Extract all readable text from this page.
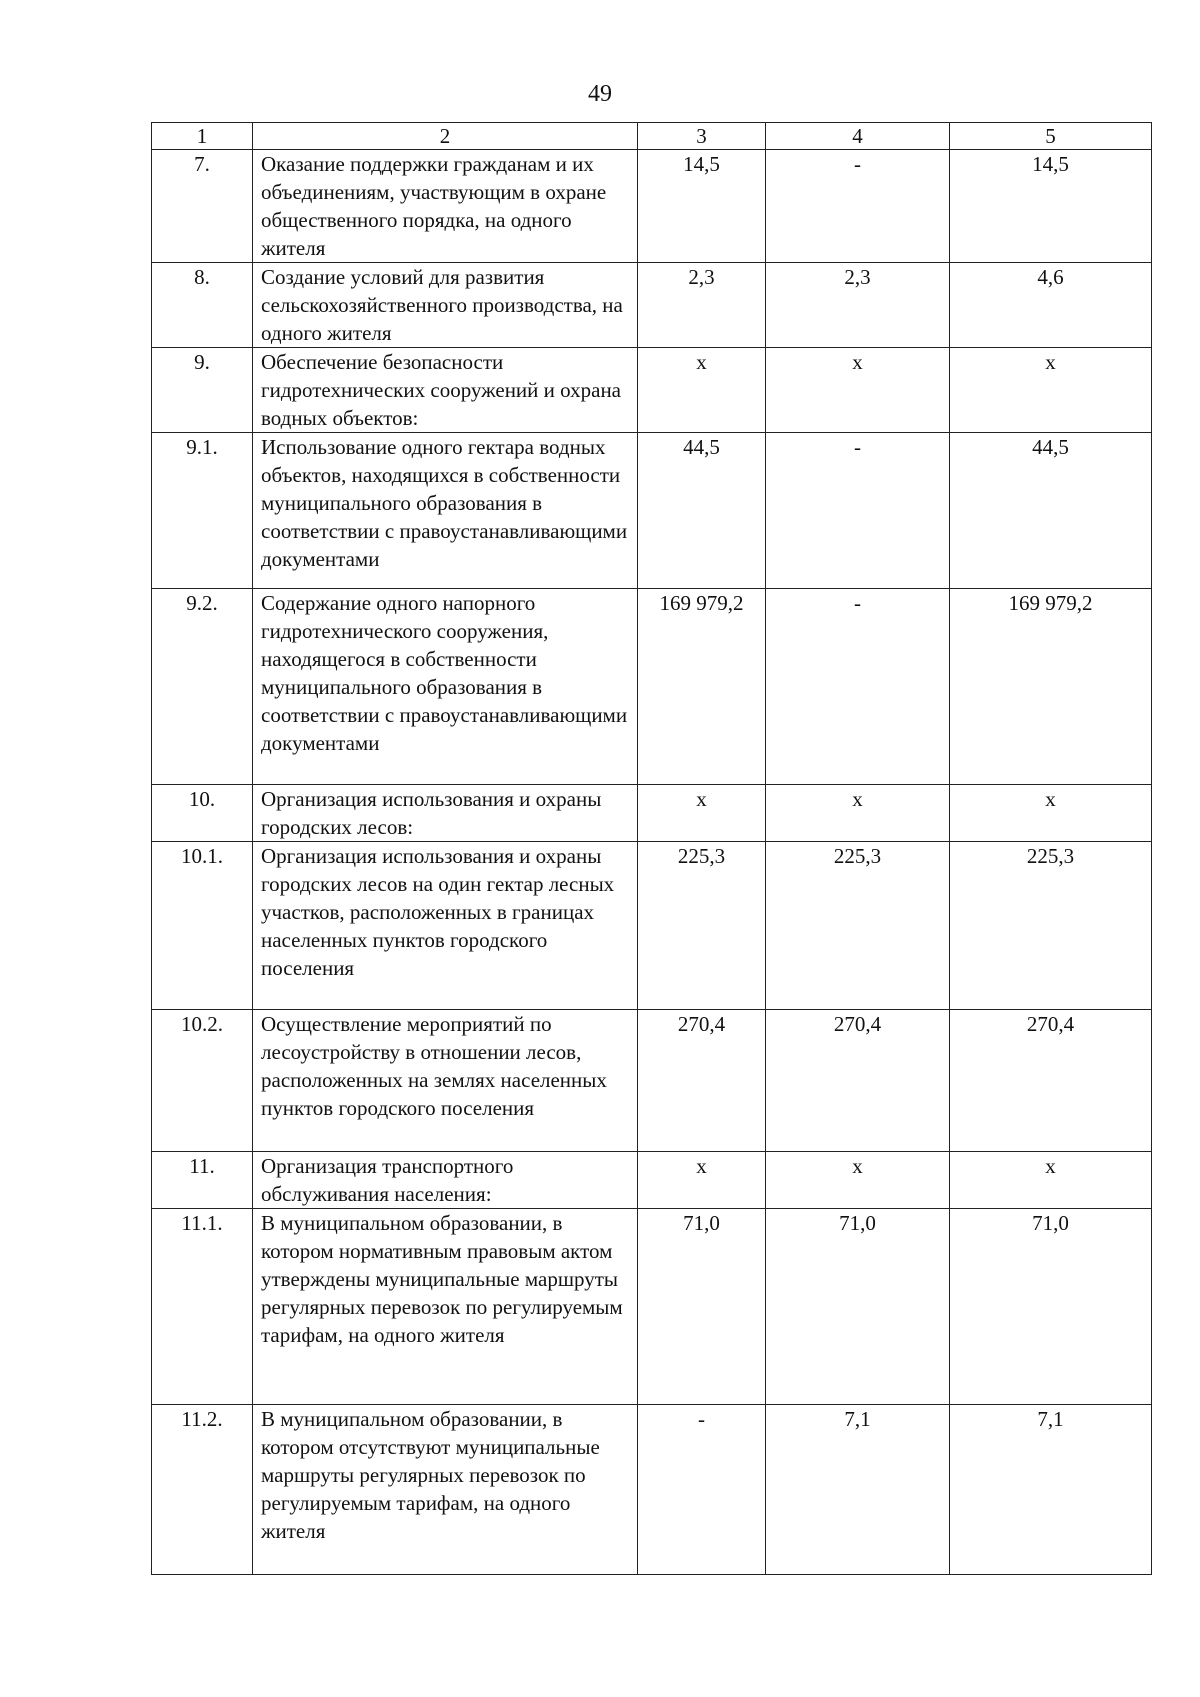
49
1	2	3	4	5
7.	Оказание поддержки гражданам и их объединениям, участвующим в охране общественного порядка, на одного жителя	14,5	-	14,5
8.	Создание условий для развития сельскохозяйственного производства, на одного жителя	2,3	2,3	4,6
9.	Обеспечение безопасности гидротехнических сооружений и охрана водных объектов:	х	х	х
9.1.	Использование одного гектара водных объектов, находящихся в собственности муниципального образования в соответствии с правоустанавливающими документами	44,5	-	44,5
9.2.	Содержание одного напорного гидротехнического сооружения, находящегося в собственности муниципального образования в соответствии с правоустанавливающими документами	169 979,2	-	169 979,2
10.	Организация использования и охраны городских лесов:	х	х	х
10.1.	Организация использования и охраны городских лесов на один гектар лесных участков, расположенных в границах населенных пунктов городского поселения	225,3	225,3	225,3
10.2.	Осуществление мероприятий по лесоустройству в отношении лесов, расположенных на землях населенных пунктов городского поселения	270,4	270,4	270,4
11.	Организация транспортного обслуживания населения:	х	х	х
11.1.	В муниципальном образовании, в котором нормативным правовым актом утверждены муниципальные маршруты регулярных перевозок по регулируемым тарифам, на одного жителя	71,0	71,0	71,0
11.2.	В муниципальном образовании, в котором отсутствуют муниципальные маршруты регулярных перевозок по регулируемым тарифам, на одного жителя	-	7,1	7,1
